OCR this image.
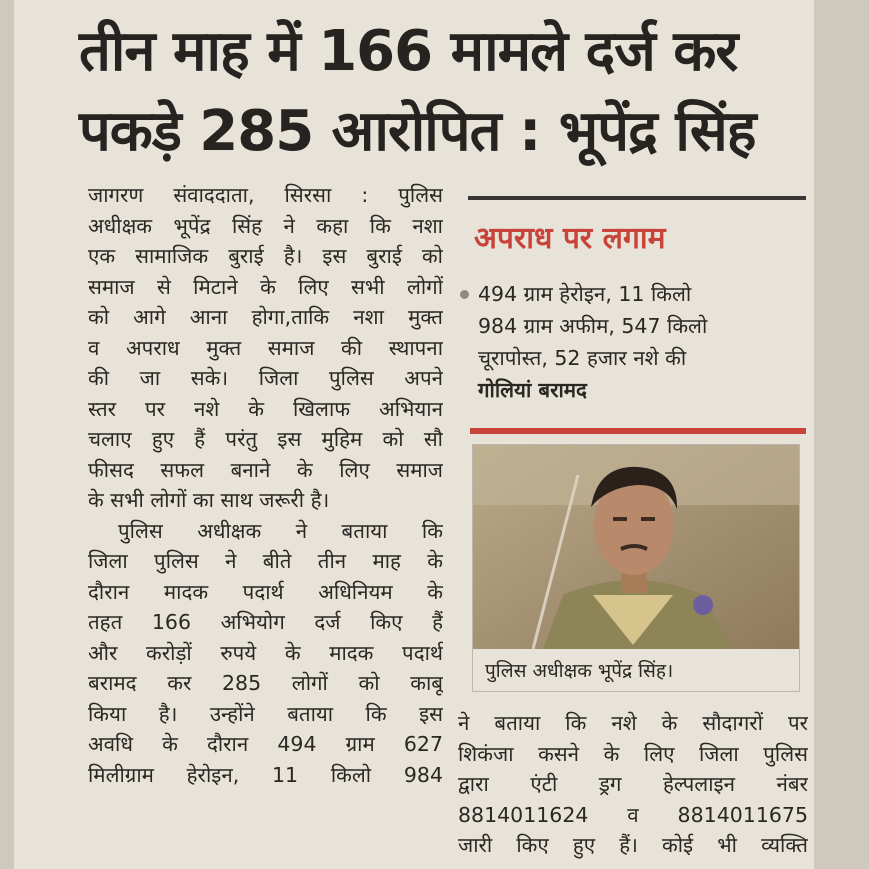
तीन माह में 166 मामले दर्ज कर
पकड़े 285 आरोपित : भूपेंद्र सिंह
जागरण संवाददाता, सिरसा : पुलिस
अधीक्षक भूपेंद्र सिंह ने कहा कि नशा
एक सामाजिक बुराई है। इस बुराई को
समाज से मिटाने के लिए सभी लोगों
को आगे आना होगा,ताकि नशा मुक्त
व अपराध मुक्त समाज की स्थापना
की जा सके। जिला पुलिस अपने
स्तर पर नशे के खिलाफ अभियान
चलाए हुए हैं परंतु इस मुहिम को सौ
फीसद सफल बनाने के लिए समाज
के सभी लोगों का साथ जरूरी है।
पुलिस अधीक्षक ने बताया कि
जिला पुलिस ने बीते तीन माह के
दौरान मादक पदार्थ अधिनियम के
तहत 166 अभियोग दर्ज किए हैं
और करोड़ों रुपये के मादक पदार्थ
बरामद कर 285 लोगों को काबू
किया है। उन्होंने बताया कि इस
अवधि के दौरान 494 ग्राम 627
मिलीग्राम हेरोइन, 11 किलो 984
अपराध पर लगाम
494 ग्राम हेरोइन, 11 किलो
984 ग्राम अफीम, 547 किलो
चूरापोस्त, 52 हजार नशे की
गोलियां बरामद
पुलिस अधीक्षक भूपेंद्र सिंह।
ने बताया कि नशे के सौदागरों पर
शिकंजा कसने के लिए जिला पुलिस
द्वारा एंटी ड्रग हेल्पलाइन नंबर
8814011624 व 8814011675
जारी किए हुए हैं। कोई भी व्यक्ति
